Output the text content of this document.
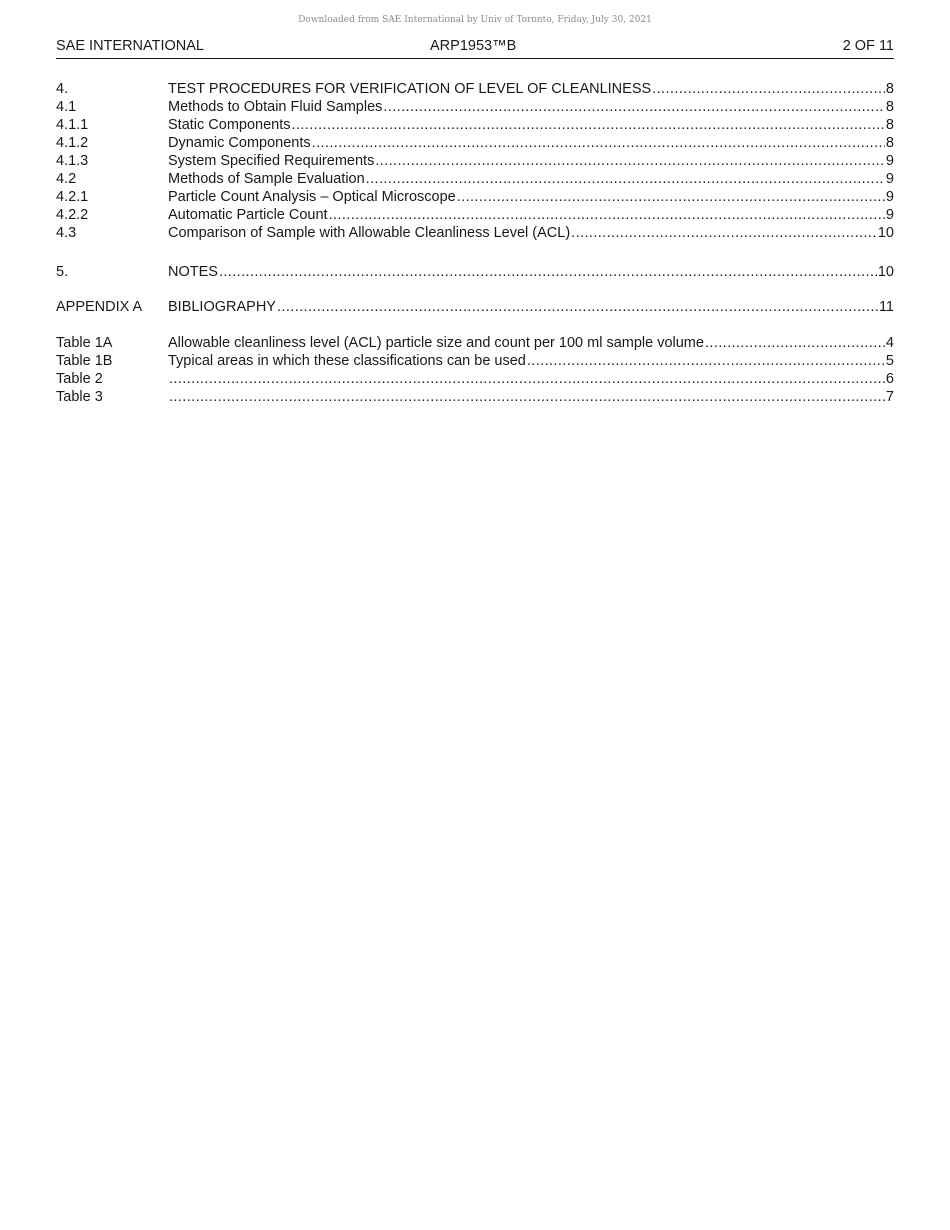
Downloaded from SAE International by Univ of Toronto, Friday, July 30, 2021
SAE INTERNATIONAL	ARP1953™B	2 OF 11
4.	TEST PROCEDURES FOR VERIFICATION OF LEVEL OF CLEANLINESS .....	8
4.1	Methods to Obtain Fluid Samples .....	8
4.1.1	Static Components .....	8
4.1.2	Dynamic Components .....	8
4.1.3	System Specified Requirements .....	9
4.2	Methods of Sample Evaluation .....	9
4.2.1	Particle Count Analysis – Optical Microscope .....	9
4.2.2	Automatic Particle Count .....	9
4.3	Comparison of Sample with Allowable Cleanliness Level (ACL) .....	10
5.	NOTES .....	10
APPENDIX A BIBLIOGRAPHY .....	11
Table 1A	Allowable cleanliness level (ACL) particle size and count per 100 ml sample volume .....	4
Table 1B	Typical areas in which these classifications can be used .....	5
Table 2 .....	6
Table 3 .....	7
